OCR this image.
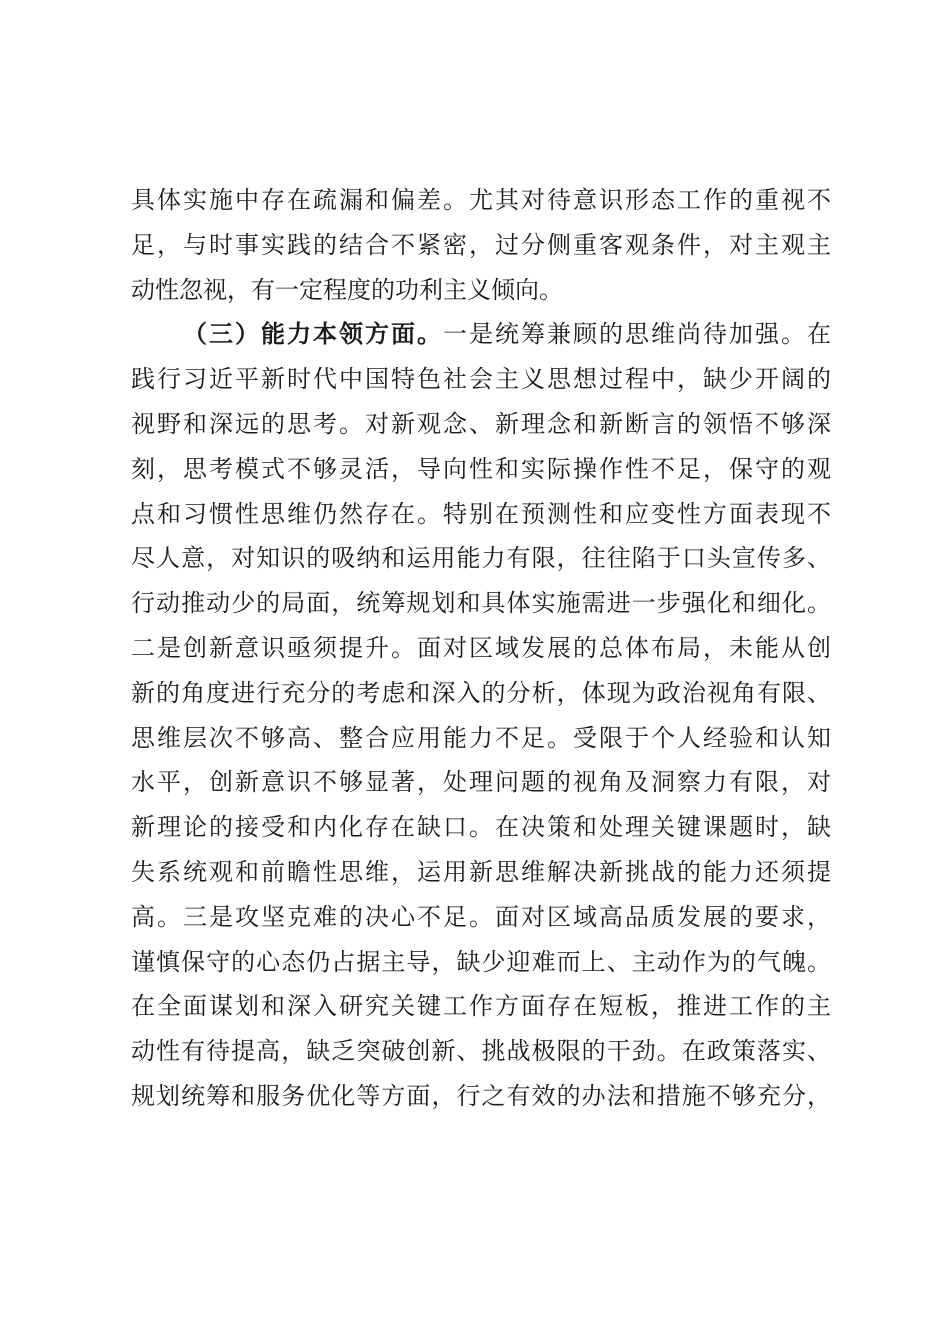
具体实施中存在疏漏和偏差。尤其对待意识形态工作的重视不
足，与时事实践的结合不紧密，过分侧重客观条件，对主观主
动性忽视，有一定程度的功利主义倾向。
（三）能力本领方面。一是统筹兼顾的思维尚待加强。在
践行习近平新时代中国特色社会主义思想过程中，缺少开阔的
视野和深远的思考。对新观念、新理念和新断言的领悟不够深
刻，思考模式不够灵活，导向性和实际操作性不足，保守的观
点和习惯性思维仍然存在。特别在预测性和应变性方面表现不
尽人意，对知识的吸纳和运用能力有限，往往陷于口头宣传多、
行动推动少的局面，统筹规划和具体实施需进一步强化和细化。
二是创新意识亟须提升。面对区域发展的总体布局，未能从创
新的角度进行充分的考虑和深入的分析，体现为政治视角有限、
思维层次不够高、整合应用能力不足。受限于个人经验和认知
水平，创新意识不够显著，处理问题的视角及洞察力有限，对
新理论的接受和内化存在缺口。在决策和处理关键课题时，缺
失系统观和前瞻性思维，运用新思维解决新挑战的能力还须提
高。三是攻坚克难的决心不足。面对区域高品质发展的要求，
谨慎保守的心态仍占据主导，缺少迎难而上、主动作为的气魄。
在全面谋划和深入研究关键工作方面存在短板，推进工作的主
动性有待提高，缺乏突破创新、挑战极限的干劲。在政策落实、
规划统筹和服务优化等方面，行之有效的办法和措施不够充分，
